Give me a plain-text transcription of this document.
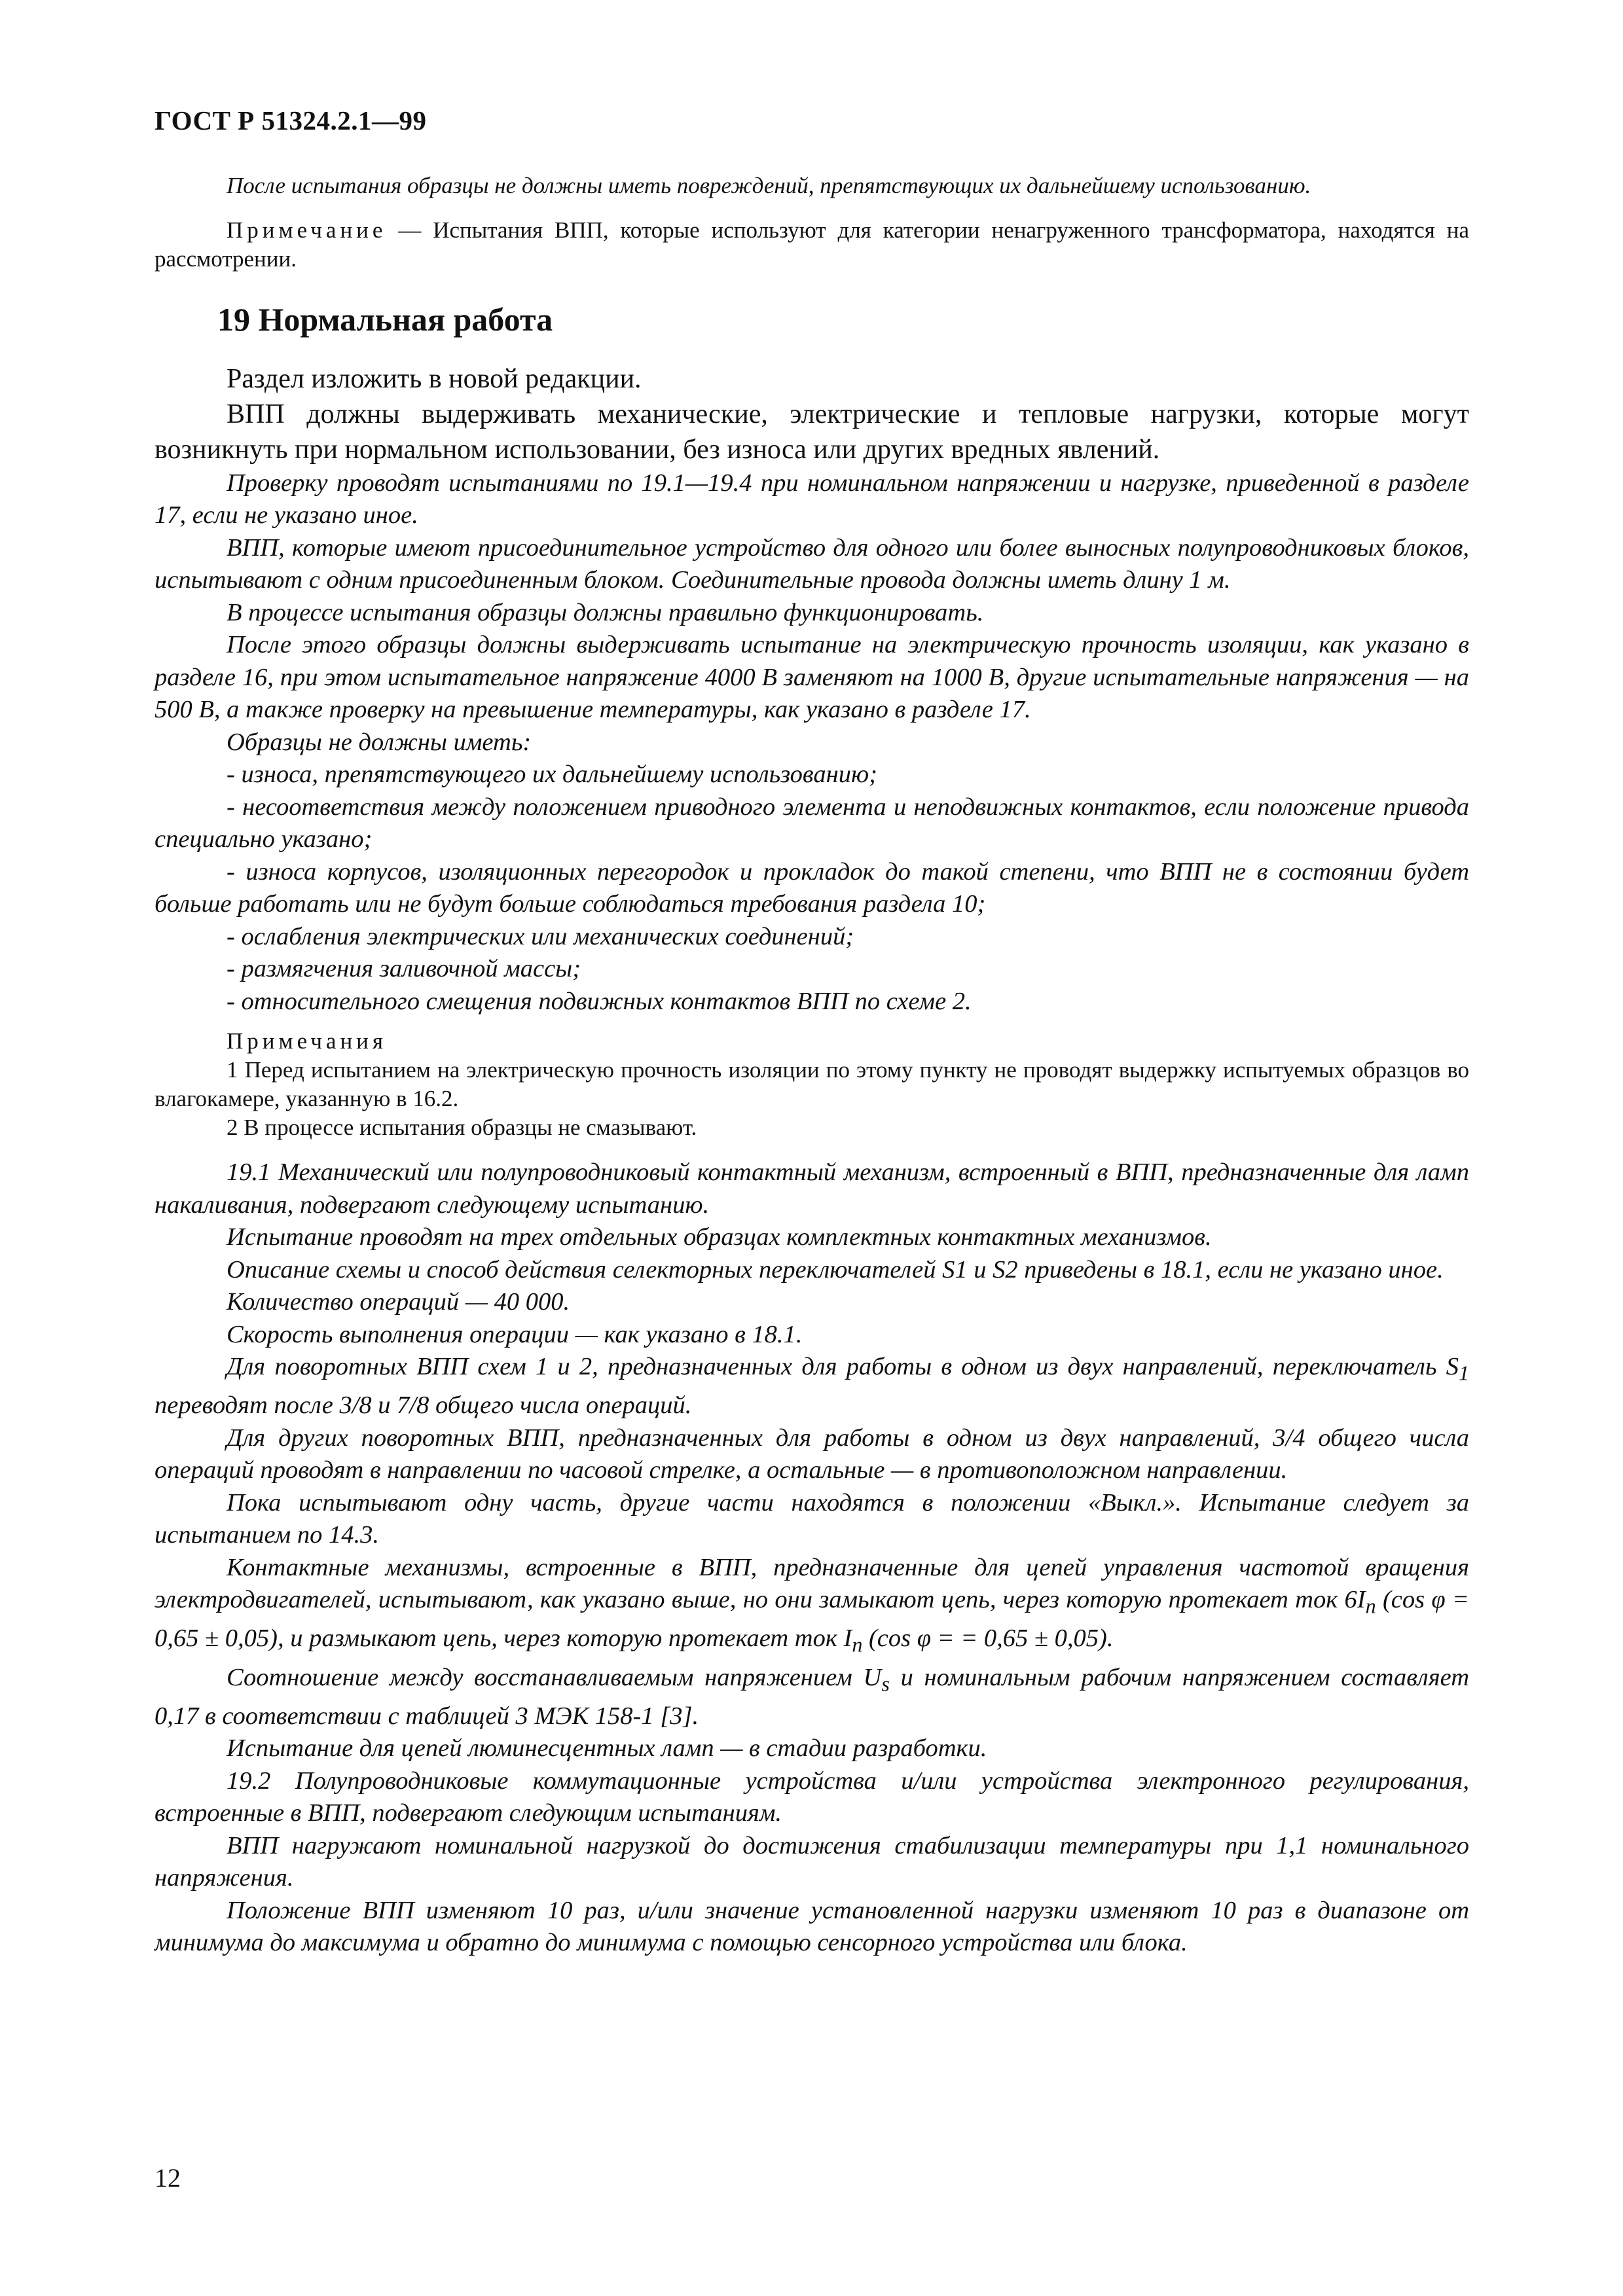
ГОСТ Р 51324.2.1—99

После испытания образцы не должны иметь повреждений, препятствующих их дальнейшему использованию.

Примечание — Испытания ВПП, которые используют для категории ненагруженного трансформатора, находятся на рассмотрении.

19 Нормальная работа

Раздел изложить в новой редакции.

ВПП должны выдерживать механические, электрические и тепловые нагрузки, которые могут возникнуть при нормальном использовании, без износа или других вредных явлений.

Проверку проводят испытаниями по 19.1—19.4 при номинальном напряжении и нагрузке, приведенной в разделе 17, если не указано иное.

ВПП, которые имеют присоединительное устройство для одного или более выносных полупроводниковых блоков, испытывают с одним присоединенным блоком. Соединительные провода должны иметь длину 1 м.

В процессе испытания образцы должны правильно функционировать.

После этого образцы должны выдерживать испытание на электрическую прочность изоляции, как указано в разделе 16, при этом испытательное напряжение 4000 В заменяют на 1000 В, другие испытательные напряжения — на 500 В, а также проверку на превышение температуры, как указано в разделе 17.

Образцы не должны иметь:

- износа, препятствующего их дальнейшему использованию;

- несоответствия между положением приводного элемента и неподвижных контактов, если положение привода специально указано;

- износа корпусов, изоляционных перегородок и прокладок до такой степени, что ВПП не в состоянии будет больше работать или не будут больше соблюдаться требования раздела 10;

- ослабления электрических или механических соединений;

- размягчения заливочной массы;

- относительного смещения подвижных контактов ВПП по схеме 2.

Примечания

1 Перед испытанием на электрическую прочность изоляции по этому пункту не проводят выдержку испытуемых образцов во влагокамере, указанную в 16.2.

2 В процессе испытания образцы не смазывают.

19.1 Механический или полупроводниковый контактный механизм, встроенный в ВПП, предназначенные для ламп накаливания, подвергают следующему испытанию.

Испытание проводят на трех отдельных образцах комплектных контактных механизмов.

Описание схемы и способ действия селекторных переключателей S1 и S2 приведены в 18.1, если не указано иное.

Количество операций — 40 000.

Скорость выполнения операции — как указано в 18.1.

Для поворотных ВПП схем 1 и 2, предназначенных для работы в одном из двух направлений, переключатель $S_1$ переводят после 3/8 и 7/8 общего числа операций.

Для других поворотных ВПП, предназначенных для работы в одном из двух направлений, 3/4 общего числа операций проводят в направлении по часовой стрелке, а остальные — в противоположном направлении.

Пока испытывают одну часть, другие части находятся в положении «Выкл.». Испытание следует за испытанием по 14.3.

Контактные механизмы, встроенные в ВПП, предназначенные для цепей управления частотой вращения электродвигателей, испытывают, как указано выше, но они замыкают цепь, через которую протекает ток $6I_n$ (cos φ = 0,65 ± 0,05), и размыкают цепь, через которую протекает ток $I_n$ (cos φ = = 0,65 ± 0,05).

Соотношение между восстанавливаемым напряжением $U_s$ и номинальным рабочим напряжением составляет 0,17 в соответствии с таблицей 3 МЭК 158-1 [3].

Испытание для цепей люминесцентных ламп — в стадии разработки.

19.2 Полупроводниковые коммутационные устройства и/или устройства электронного регулирования, встроенные в ВПП, подвергают следующим испытаниям.

ВПП нагружают номинальной нагрузкой до достижения стабилизации температуры при 1,1 номинального напряжения.

Положение ВПП изменяют 10 раз, и/или значение установленной нагрузки изменяют 10 раз в диапазоне от минимума до максимума и обратно до минимума с помощью сенсорного устройства или блока.

12
